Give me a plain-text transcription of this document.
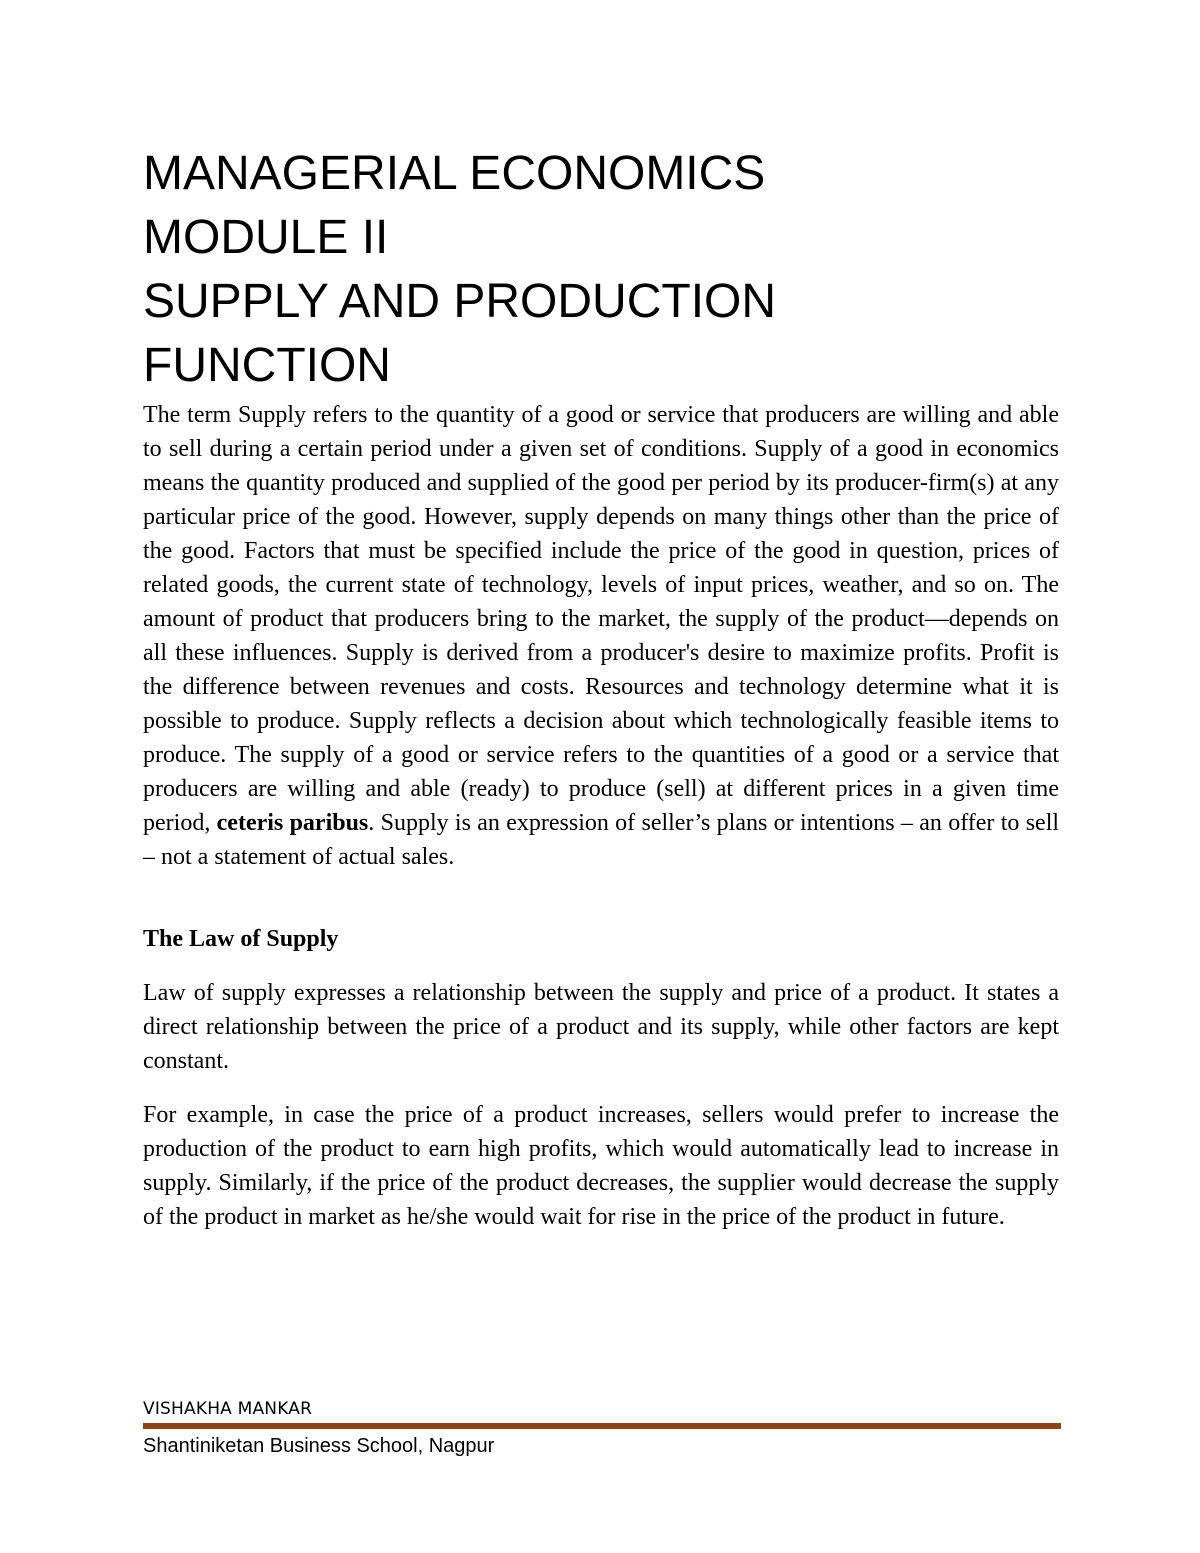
MANAGERIAL ECONOMICS
MODULE II
SUPPLY AND PRODUCTION
FUNCTION

The term Supply refers to the quantity of a good or service that producers are willing and able to sell during a certain period under a given set of conditions. Supply of a good in economics means the quantity produced and supplied of the good per period by its producer-firm(s) at any particular price of the good. However, supply depends on many things other than the price of the good. Factors that must be specified include the price of the good in question, prices of related goods, the current state of technology, levels of input prices, weather, and so on. The amount of product that producers bring to the market, the supply of the product—depends on all these influences. Supply is derived from a producer's desire to maximize profits. Profit is the difference between revenues and costs. Resources and technology determine what it is possible to produce. Supply reflects a decision about which technologically feasible items to produce. The supply of a good or service refers to the quantities of a good or a service that producers are willing and able (ready) to produce (sell) at different prices in a given time period, ceteris paribus. Supply is an expression of seller’s plans or intentions – an offer to sell – not a statement of actual sales.

The Law of Supply

Law of supply expresses a relationship between the supply and price of a product. It states a direct relationship between the price of a product and its supply, while other factors are kept constant.

For example, in case the price of a product increases, sellers would prefer to increase the production of the product to earn high profits, which would automatically lead to increase in supply. Similarly, if the price of the product decreases, the supplier would decrease the supply of the product in market as he/she would wait for rise in the price of the product in future.

VISHAKHA MANKAR
Shantiniketan Business School, Nagpur
